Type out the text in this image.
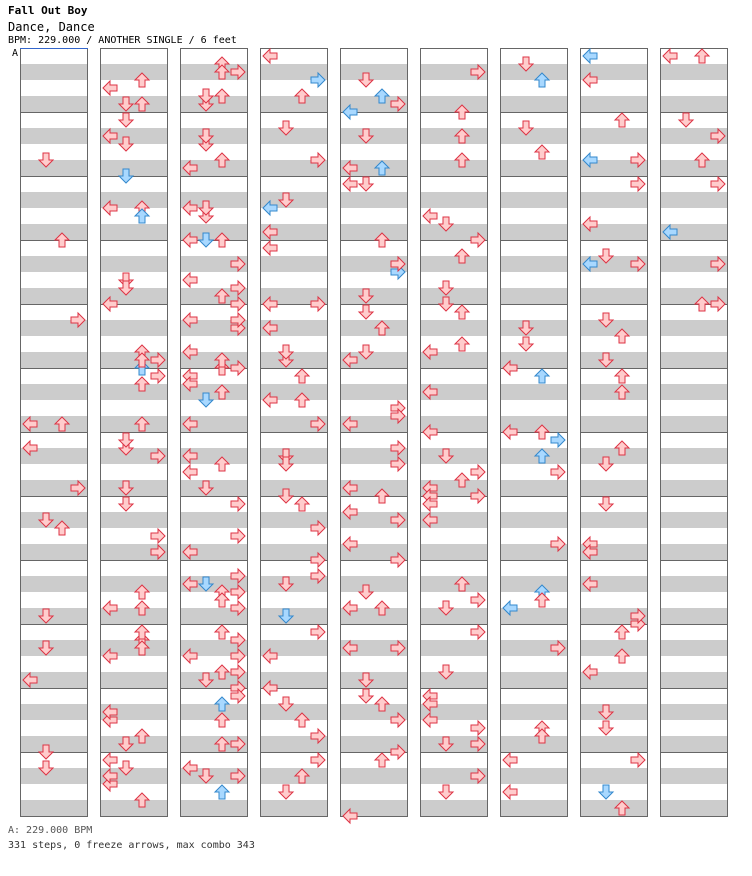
Fall Out Boy
Dance, Dance
BPM: 229.000 / ANOTHER SINGLE / 6 feet
A
A: 229.000 BPM
331 steps, 0 freeze arrows, max combo 343
